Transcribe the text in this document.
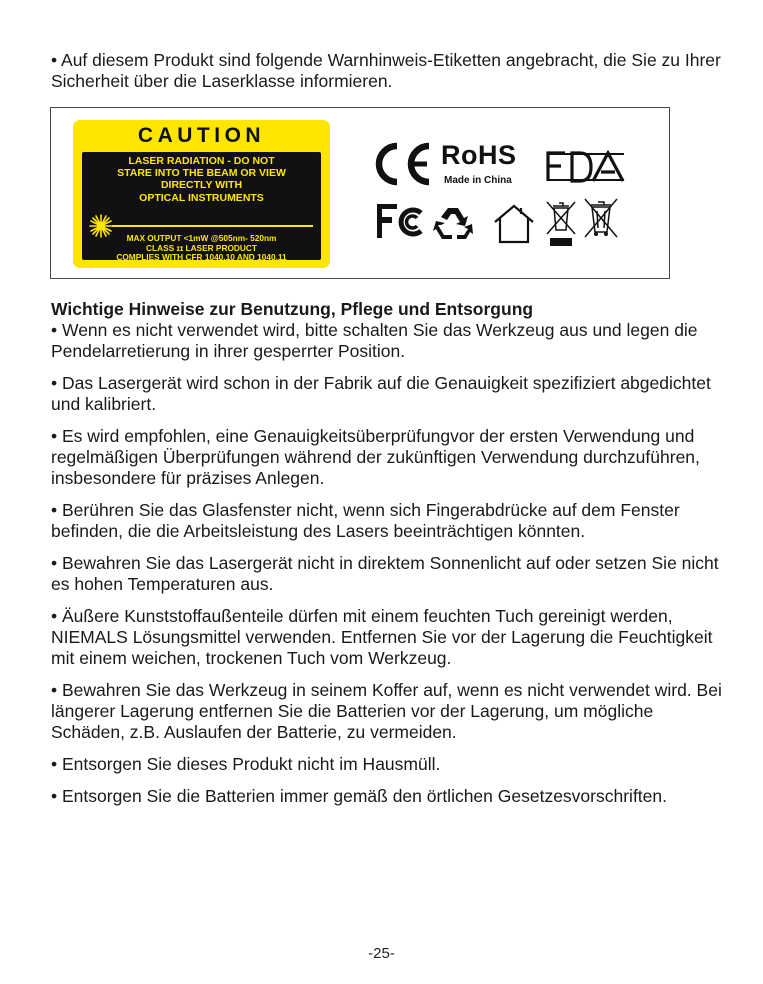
• Auf diesem Produkt sind folgende Warnhinweis-Etiketten angebracht, die Sie zu Ihrer Sicherheit über die Laserklasse informieren.

CAUTION
LASER RADIATION - DO NOT
STARE INTO THE BEAM OR VIEW
DIRECTLY WITH
OPTICAL INSTRUMENTS
MAX OUTPUT <1mW @505nm- 520nm
CLASS ɪɪ LASER PRODUCT
COMPLIES WITH CFR 1040.10 AND 1040.11
RoHS
Made in China

Wichtige Hinweise zur Benutzung, Pflege und Entsorgung

• Wenn es nicht verwendet wird, bitte schalten Sie das Werkzeug aus und legen die Pendelarretierung in ihrer gesperrter Position.

• Das Lasergerät wird schon in der Fabrik auf die Genauigkeit spezifiziert abgedichtet und kalibriert.

• Es wird empfohlen, eine Genauigkeitsüberprüfungvor der ersten Verwendung und regelmäßigen Überprüfungen während der zukünftigen Verwendung durchzuführen, insbesondere für präzises Anlegen.

• Berühren Sie das Glasfenster nicht, wenn sich Fingerabdrücke auf dem Fenster befinden, die die Arbeitsleistung des Lasers beeinträchtigen könnten.

• Bewahren Sie das Lasergerät nicht in direktem Sonnenlicht auf oder setzen Sie nicht es hohen Temperaturen aus.

• Äußere Kunststoffaußenteile dürfen mit einem feuchten Tuch gereinigt werden, NIEMALS Lösungsmittel verwenden. Entfernen Sie vor der Lagerung die Feuchtigkeit mit einem weichen, trockenen Tuch vom Werkzeug.

• Bewahren Sie das Werkzeug in seinem Koffer auf, wenn es nicht verwendet wird. Bei längerer Lagerung entfernen Sie die Batterien vor der Lagerung, um mögliche Schäden, z.B. Auslaufen der Batterie, zu vermeiden.

• Entsorgen Sie dieses Produkt nicht im Hausmüll.

• Entsorgen Sie die Batterien immer gemäß den örtlichen Gesetzesvorschriften.

-25-
